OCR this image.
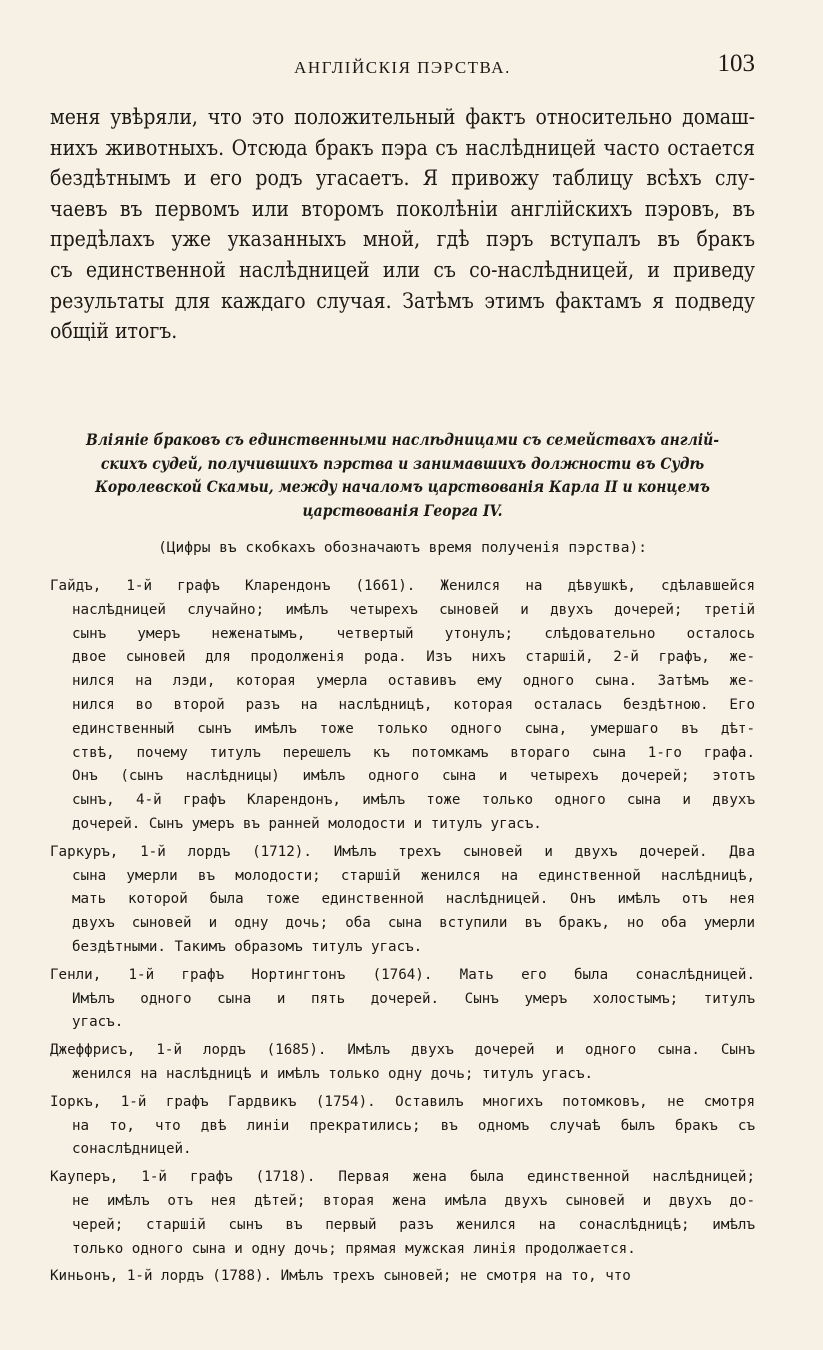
АНГЛІЙСКІЯ ПЭРСТВА.	103
меня увѣряли, что это положительный фактъ относительно домаш-
нихъ животныхъ. Отсюда бракъ пэра съ наслѣдницей часто остается
бездѣтнымъ и его родъ угасаетъ. Я привожу таблицу всѣхъ слу-
чаевъ въ первомъ или второмъ поколѣніи англійскихъ пэровъ, въ
предѣлахъ уже указанныхъ мной, гдѣ пэръ вступалъ въ бракъ
съ единственной наслѣдницей или съ со-наслѣдницей, и приведу
результаты для каждаго случая. Затѣмъ этимъ фактамъ я подведу
общій итогъ.
Вліяніе браковъ съ единственными наслѣдницами съ семействахъ англій-
скихъ судей, получившихъ пэрства и занимавшихъ должности въ Судѣ
Королевской Скамьи, между началомъ царствованія Карла II и концемъ
царствованія Георга IV.
(Цифры въ скобкахъ обозначаютъ время полученія пэрства):
Гайдъ, 1-й графъ Кларендонъ (1661). Женился на дѣвушкѣ, сдѣлавшейся
наслѣдницей случайно; имѣлъ четырехъ сыновей и двухъ дочерей; третій
сынъ умеръ неженатымъ, четвертый утонулъ; слѣдовательно осталось
двое сыновей для продолженія рода. Изъ нихъ старшій, 2-й графъ, же-
нился на лэди, которая умерла оставивъ ему одного сына. Затѣмъ же-
нился во второй разъ на наслѣдницѣ, которая осталась бездѣтною. Его
единственный сынъ имѣлъ тоже только одного сына, умершаго въ дѣт-
ствѣ, почему титулъ перешелъ къ потомкамъ втораго сына 1-го графа.
Онъ (сынъ наслѣдницы) имѣлъ одного сына и четырехъ дочерей; этотъ
сынъ, 4-й графъ Кларендонъ, имѣлъ тоже только одного сына и двухъ
дочерей. Сынъ умеръ въ ранней молодости и титулъ угасъ.
Гаркуръ, 1-й лордъ (1712). Имѣлъ трехъ сыновей и двухъ дочерей. Два
сына умерли въ молодости; старшій женился на единственной наслѣдницѣ,
мать которой была тоже единственной наслѣдницей. Онъ имѣлъ отъ нея
двухъ сыновей и одну дочь; оба сына вступили въ бракъ, но оба умерли
бездѣтными. Такимъ образомъ титулъ угасъ.
Генли, 1-й графъ Нортингтонъ (1764). Мать его была сонаслѣдницей.
Имѣлъ одного сына и пять дочерей. Сынъ умеръ холостымъ; титулъ
угасъ.
Джеффрисъ, 1-й лордъ (1685). Имѣлъ двухъ дочерей и одного сына. Сынъ
женился на наслѣдницѣ и имѣлъ только одну дочь; титулъ угасъ.
Іоркъ, 1-й графъ Гардвикъ (1754). Оставилъ многихъ потомковъ, не смотря
на то, что двѣ линіи прекратились; въ одномъ случаѣ былъ бракъ съ
сонаслѣдницей.
Кауперъ, 1-й графъ (1718). Первая жена была единственной наслѣдницей;
не имѣлъ отъ нея дѣтей; вторая жена имѣла двухъ сыновей и двухъ до-
черей; старшій сынъ въ первый разъ женился на сонаслѣдницѣ; имѣлъ
только одного сына и одну дочь; прямая мужская линія продолжается.
Киньонъ, 1-й лордъ (1788). Имѣлъ трехъ сыновей; не смотря на то, что
